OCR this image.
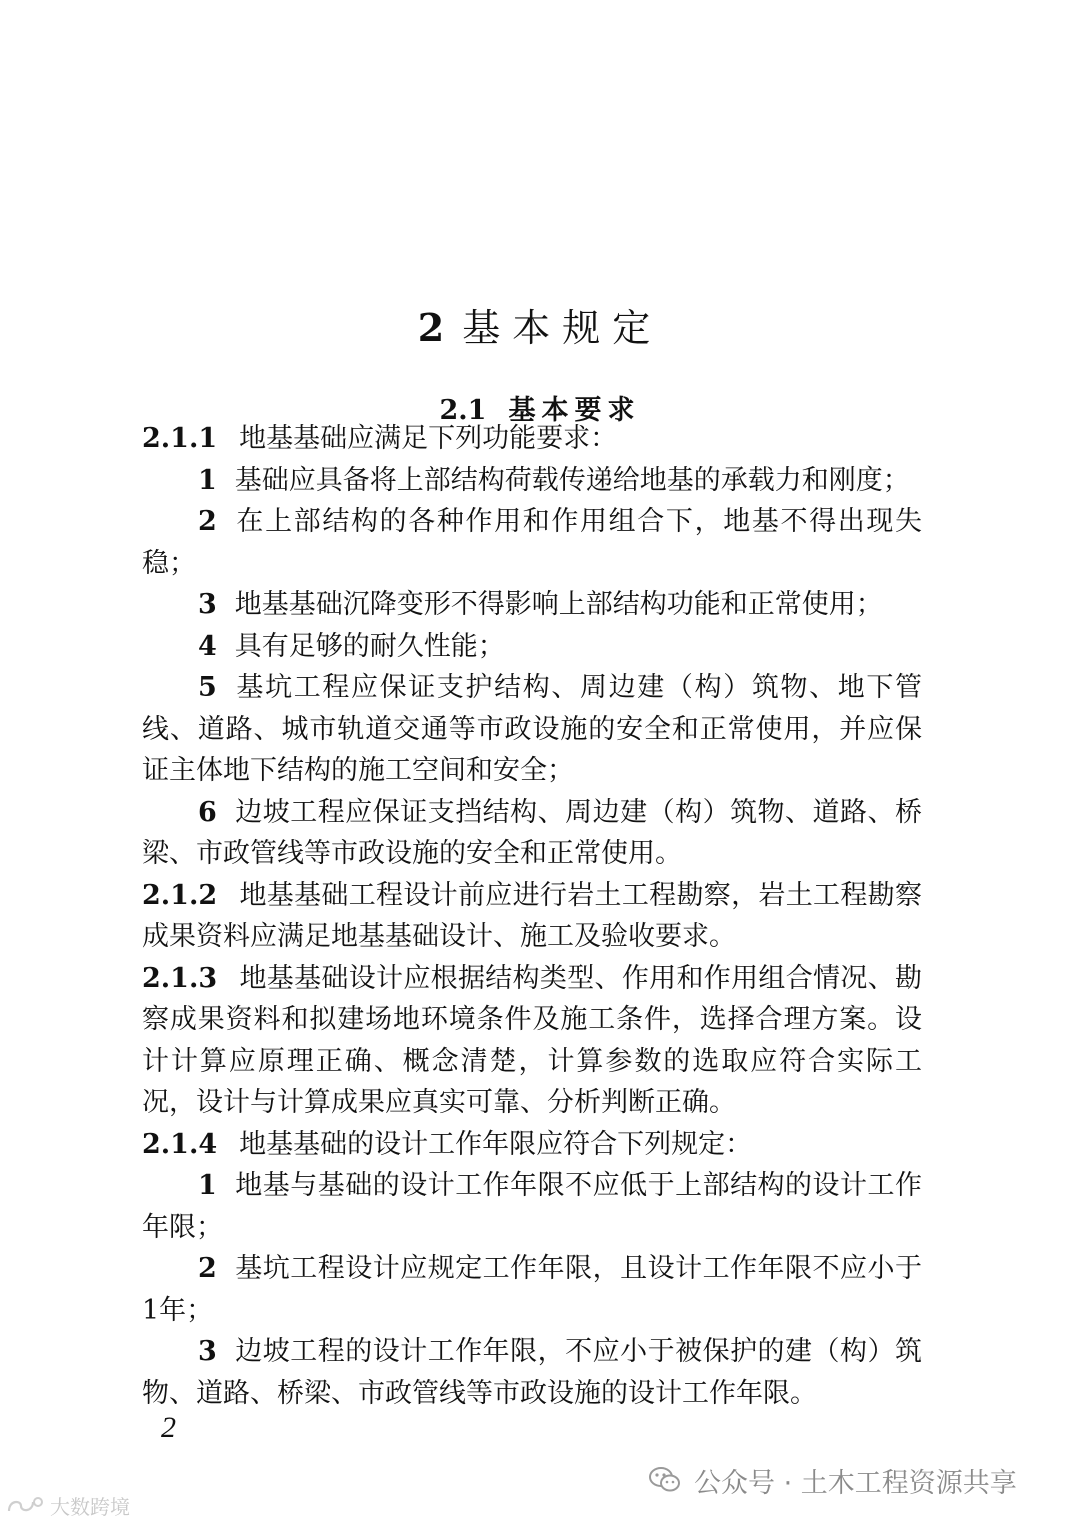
2 基本规定
2.1 基本要求

2.1.1 地基基础应满足下列功能要求：

1 基础应具备将上部结构荷载传递给地基的承载力和刚度；

2 在上部结构的各种作用和作用组合下，地基不得出现失稳；

3 地基基础沉降变形不得影响上部结构功能和正常使用；

4 具有足够的耐久性能；

5 基坑工程应保证支护结构、周边建（构）筑物、地下管线、道路、城市轨道交通等市政设施的安全和正常使用，并应保证主体地下结构的施工空间和安全；

6 边坡工程应保证支挡结构、周边建（构）筑物、道路、桥梁、市政管线等市政设施的安全和正常使用。

2.1.2 地基基础工程设计前应进行岩土工程勘察，岩土工程勘察成果资料应满足地基基础设计、施工及验收要求。

2.1.3 地基基础设计应根据结构类型、作用和作用组合情况、勘察成果资料和拟建场地环境条件及施工条件，选择合理方案。设计计算应原理正确、概念清楚，计算参数的选取应符合实际工况，设计与计算成果应真实可靠、分析判断正确。

2.1.4 地基基础的设计工作年限应符合下列规定：

1 地基与基础的设计工作年限不应低于上部结构的设计工作年限；

2 基坑工程设计应规定工作年限，且设计工作年限不应小于1年；

3 边坡工程的设计工作年限，不应小于被保护的建（构）筑物、道路、桥梁、市政管线等市政设施的设计工作年限。

2
公众号 · 土木工程资源共享
大数跨境
